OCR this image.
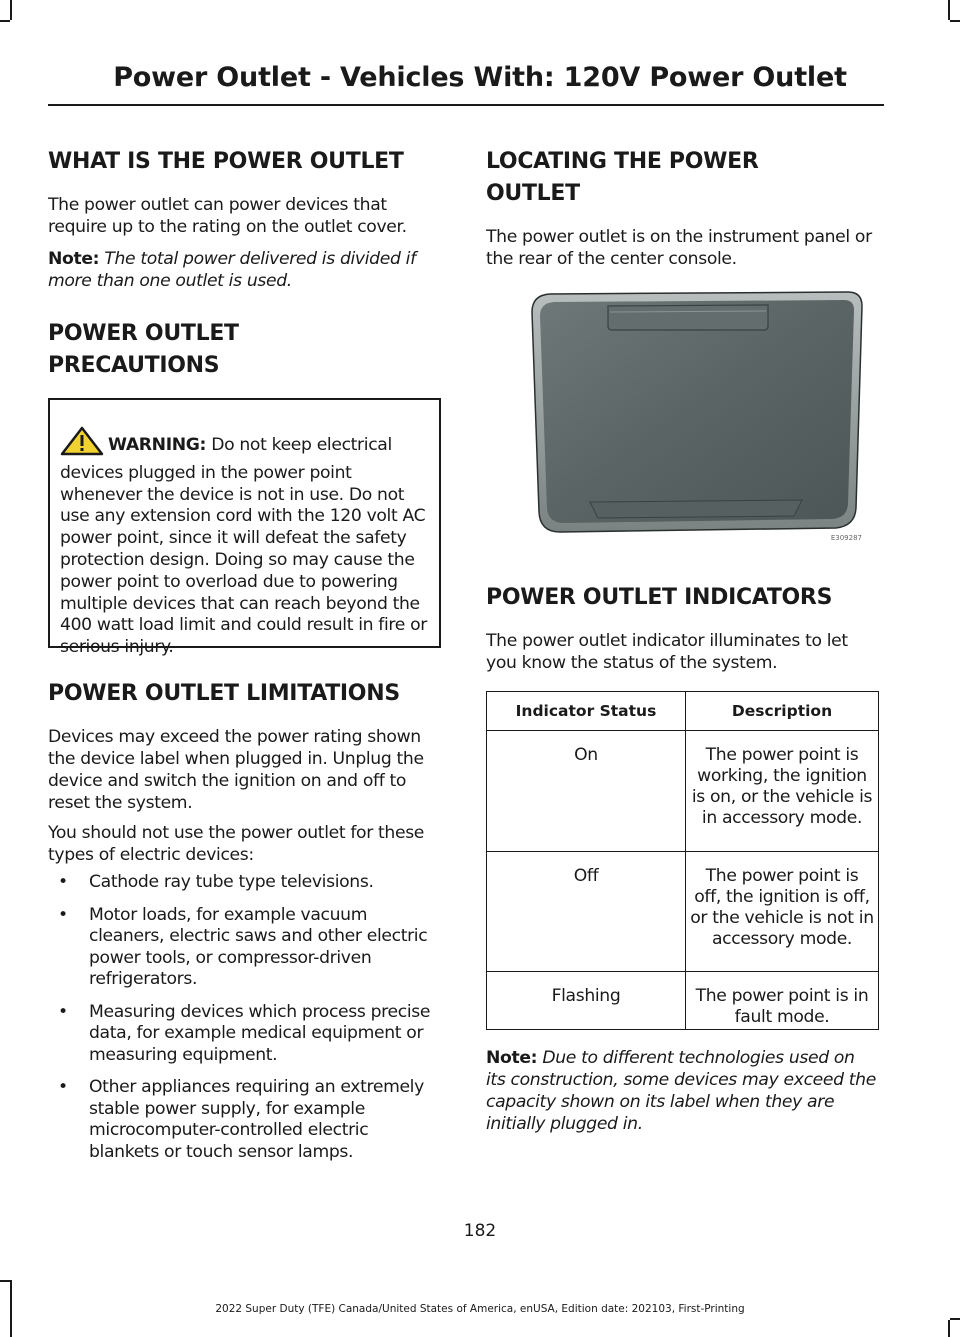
Power Outlet - Vehicles With: 120V Power Outlet
WHAT IS THE POWER OUTLET

The power outlet can power devices that require up to the rating on the outlet cover.

Note: The total power delivered is divided if more than one outlet is used.

POWER OUTLET
PRECAUTIONS

WARNING: Do not keep electrical devices plugged in the power point whenever the device is not in use. Do not use any extension cord with the 120 volt AC power point, since it will defeat the safety protection design. Doing so may cause the power point to overload due to powering multiple devices that can reach beyond the 400 watt load limit and could result in fire or serious injury.

POWER OUTLET LIMITATIONS

Devices may exceed the power rating shown the device label when plugged in. Unplug the device and switch the ignition on and off to reset the system.

You should not use the power outlet for these types of electric devices:

• Cathode ray tube type televisions.
• Motor loads, for example vacuum cleaners, electric saws and other electric power tools, or compressor-driven refrigerators.
• Measuring devices which process precise data, for example medical equipment or measuring equipment.
• Other appliances requiring an extremely stable power supply, for example microcomputer-controlled electric blankets or touch sensor lamps.
LOCATING THE POWER
OUTLET

The power outlet is on the instrument panel or the rear of the center console.

E309287
POWER OUTLET INDICATORS

The power outlet indicator illuminates to let you know the status of the system.

Indicator Status	Description
On	The power point is working, the ignition is on, or the vehicle is in accessory mode.
Off	The power point is off, the ignition is off, or the vehicle is not in accessory mode.
Flashing	The power point is in fault mode.

Note: Due to different technologies used on its construction, some devices may exceed the capacity shown on its label when they are initially plugged in.

182
2022 Super Duty (TFE) Canada/United States of America, enUSA, Edition date: 202103, First-Printing
